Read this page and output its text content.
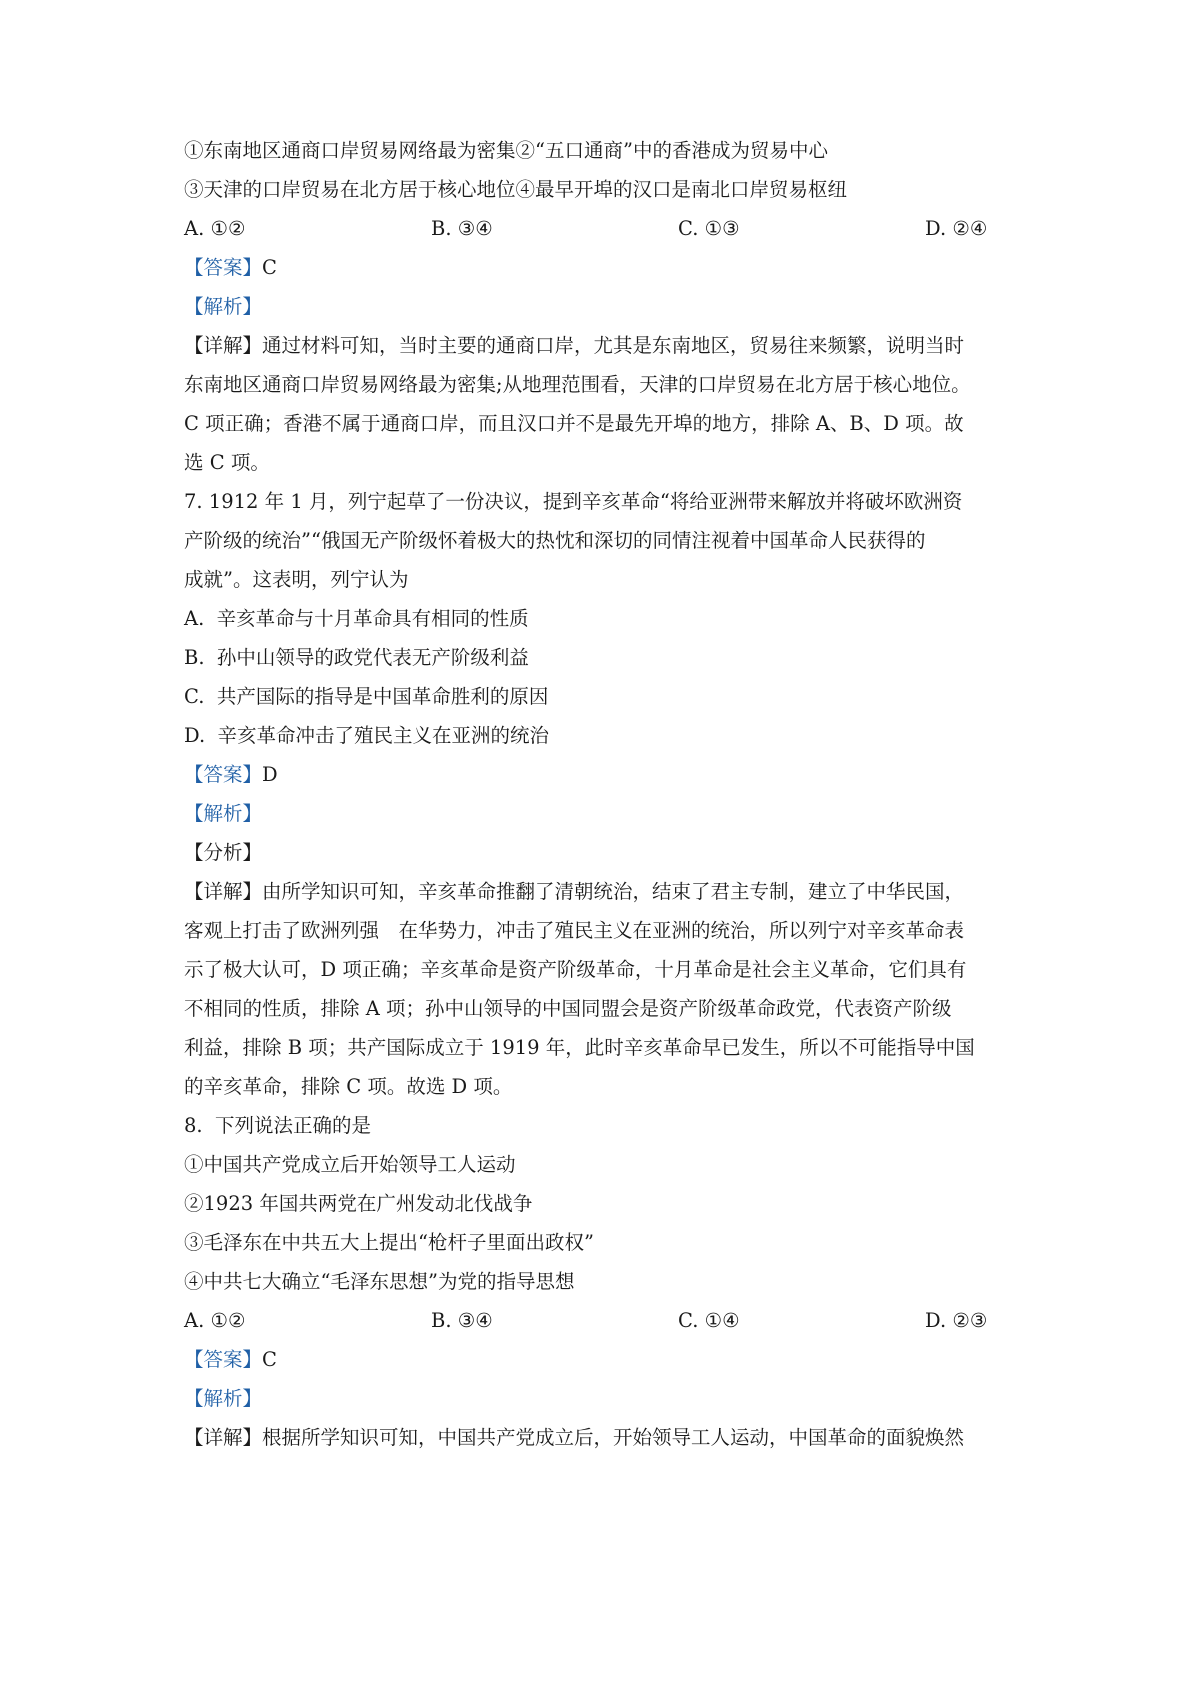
①东南地区通商口岸贸易网络最为密集②“五口通商”中的香港成为贸易中心
③天津的口岸贸易在北方居于核心地位④最早开埠的汉口是南北口岸贸易枢纽

A. ①②

	B. ③④

	C. ①③

	D. ②④

【答案】C
【解析】
【详解】通过材料可知，当时主要的通商口岸，尤其是东南地区，贸易往来频繁，说明当时
东南地区通商口岸贸易网络最为密集;从地理范围看，天津的口岸贸易在北方居于核心地位。
C 项正确；香港不属于通商口岸，而且汉口并不是最先开埠的地方，排除 A、B、D 项。故
选 C 项。
7. 1912 年 1 月，列宁起草了一份决议，提到辛亥革命“将给亚洲带来解放并将破坏欧洲资
产阶级的统治”“俄国无产阶级怀着极大的热忱和深切的同情注视着中国革命人民获得的
成就”。这表明，列宁认为
A.  辛亥革命与十月革命具有相同的性质
B.  孙中山领导的政党代表无产阶级利益
C.  共产国际的指导是中国革命胜利的原因
D.  辛亥革命冲击了殖民主义在亚洲的统治
【答案】D
【解析】
【分析】
【详解】由所学知识可知，辛亥革命推翻了清朝统治，结束了君主专制，建立了中华民国，
客观上打击了欧洲列强　在华势力，冲击了殖民主义在亚洲的统治，所以列宁对辛亥革命表
示了极大认可，D 项正确；辛亥革命是资产阶级革命，十月革命是社会主义革命，它们具有
不相同的性质，排除 A 项；孙中山领导的中国同盟会是资产阶级革命政党，代表资产阶级
利益，排除 B 项；共产国际成立于 1919 年，此时辛亥革命早已发生，所以不可能指导中国
的辛亥革命，排除 C 项。故选 D 项。
8.  下列说法正确的是
①中国共产党成立后开始领导工人运动
②1923 年国共两党在广州发动北伐战争
③毛泽东在中共五大上提出“枪杆子里面出政权”
④中共七大确立“毛泽东思想”为党的指导思想

A. ①②

	B. ③④

	C. ①④

	D. ②③

【答案】C
【解析】
【详解】根据所学知识可知，中国共产党成立后，开始领导工人运动，中国革命的面貌焕然
